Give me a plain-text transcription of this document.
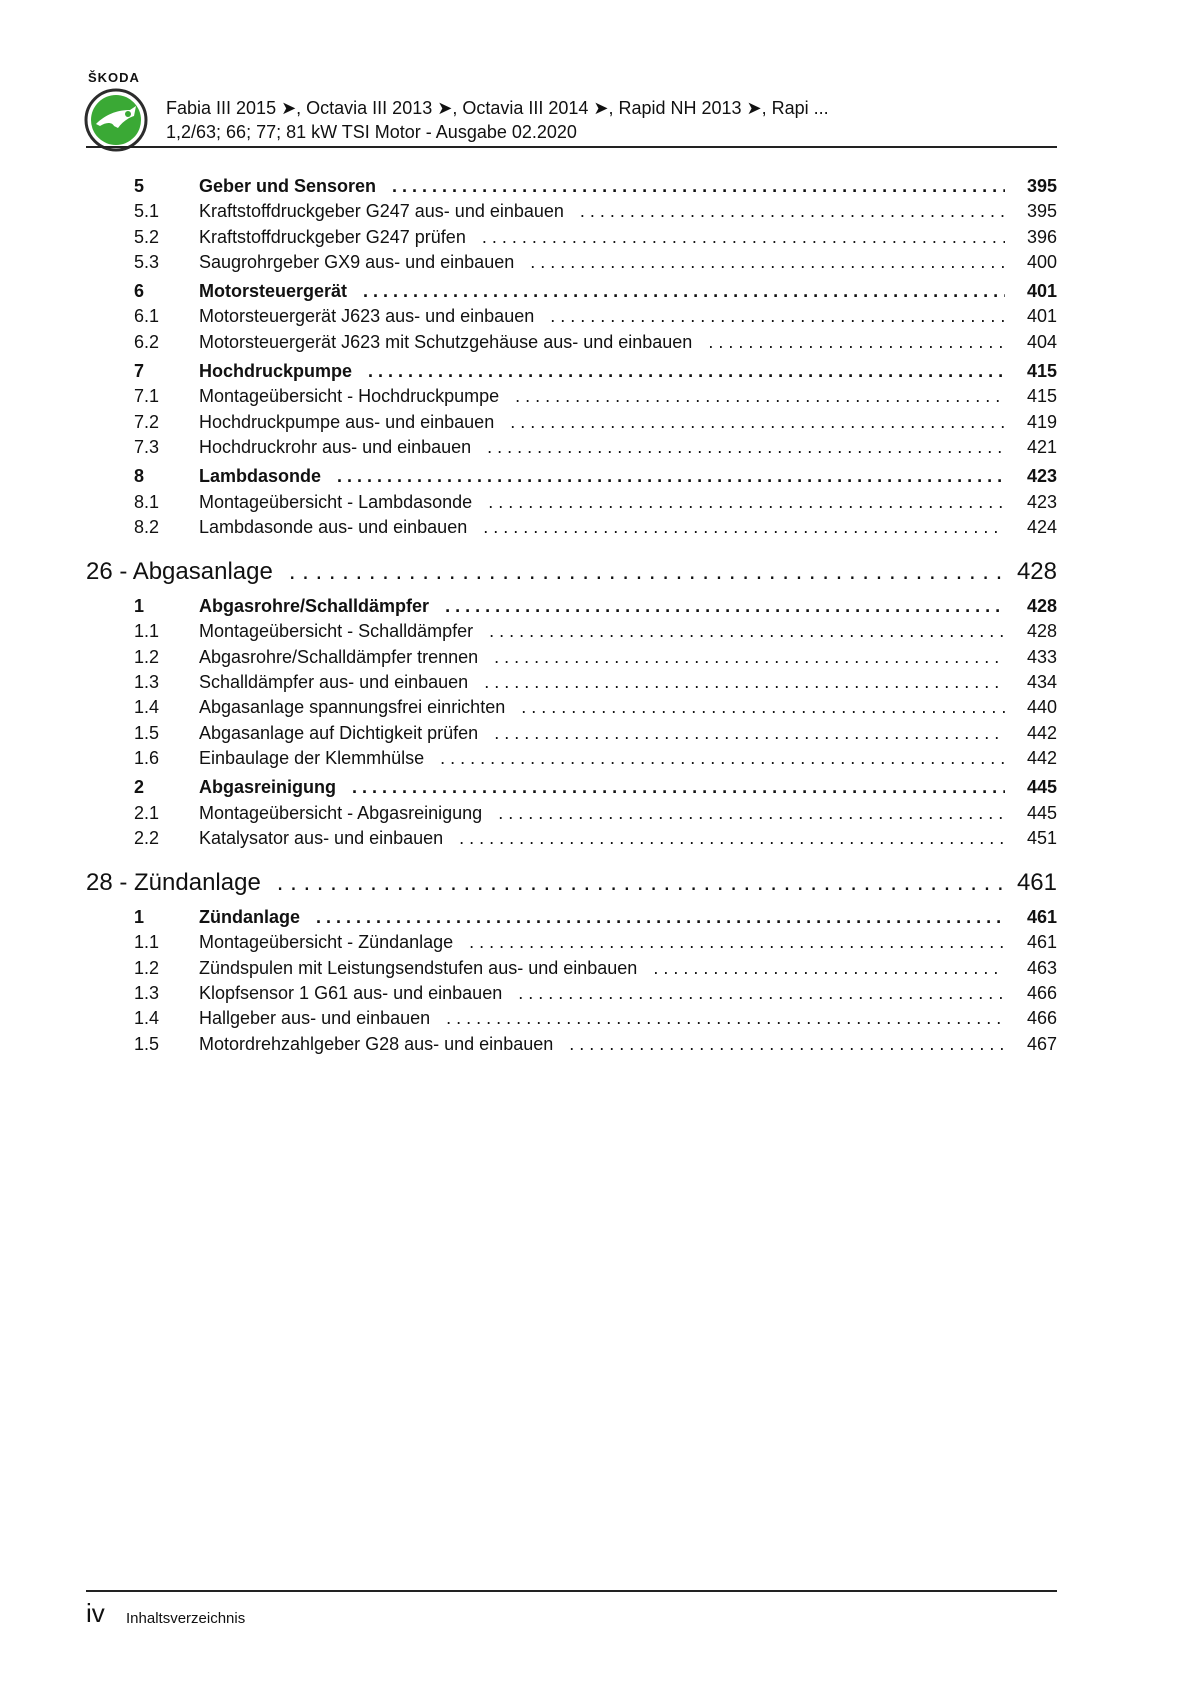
ŠKODA
Fabia III 2015 ➤, Octavia III 2013 ➤, Octavia III 2014 ➤, Rapid NH 2013 ➤, Rapi ...
1,2/63; 66; 77; 81 kW TSI Motor - Ausgabe 02.2020
5	Geber und Sensoren . . .	395
5.1 Kraftstoffdruckgeber G247 aus- und einbauen . . .	395
5.2 Kraftstoffdruckgeber G247 prüfen . . .	396
5.3 Saugrohrgeber GX9 aus- und einbauen . . .	400
6	Motorsteuergerät . . .	401
6.1 Motorsteuergerät J623 aus- und einbauen . . .	401
6.2 Motorsteuergerät J623 mit Schutzgehäuse aus- und einbauen . . .	404
7	Hochdruckpumpe . . .	415
7.1 Montageübersicht - Hochdruckpumpe . . .	415
7.2 Hochdruckpumpe aus- und einbauen . . .	419
7.3 Hochdruckrohr aus- und einbauen . . .	421
8	Lambdasonde . . .	423
8.1 Montageübersicht - Lambdasonde . . .	423
8.2 Lambdasonde aus- und einbauen . . .	424
26 - Abgasanlage . . .	428
1	Abgasrohre/Schalldämpfer . . .	428
1.1 Montageübersicht - Schalldämpfer . . .	428
1.2 Abgasrohre/Schalldämpfer trennen . . .	433
1.3 Schalldämpfer aus- und einbauen . . .	434
1.4 Abgasanlage spannungsfrei einrichten . . .	440
1.5 Abgasanlage auf Dichtigkeit prüfen . . .	442
1.6 Einbaulage der Klemmhülse . . .	442
2	Abgasreinigung . . .	445
2.1 Montageübersicht - Abgasreinigung . . .	445
2.2 Katalysator aus- und einbauen . . .	451
28 - Zündanlage . . .	461
1	Zündanlage . . .	461
1.1 Montageübersicht - Zündanlage . . .	461
1.2 Zündspulen mit Leistungsendstufen aus- und einbauen . . .	463
1.3 Klopfsensor 1 G61 aus- und einbauen . . .	466
1.4 Hallgeber aus- und einbauen . . .	466
1.5 Motordrehzahlgeber G28 aus- und einbauen . . .	467
iv Inhaltsverzeichnis
